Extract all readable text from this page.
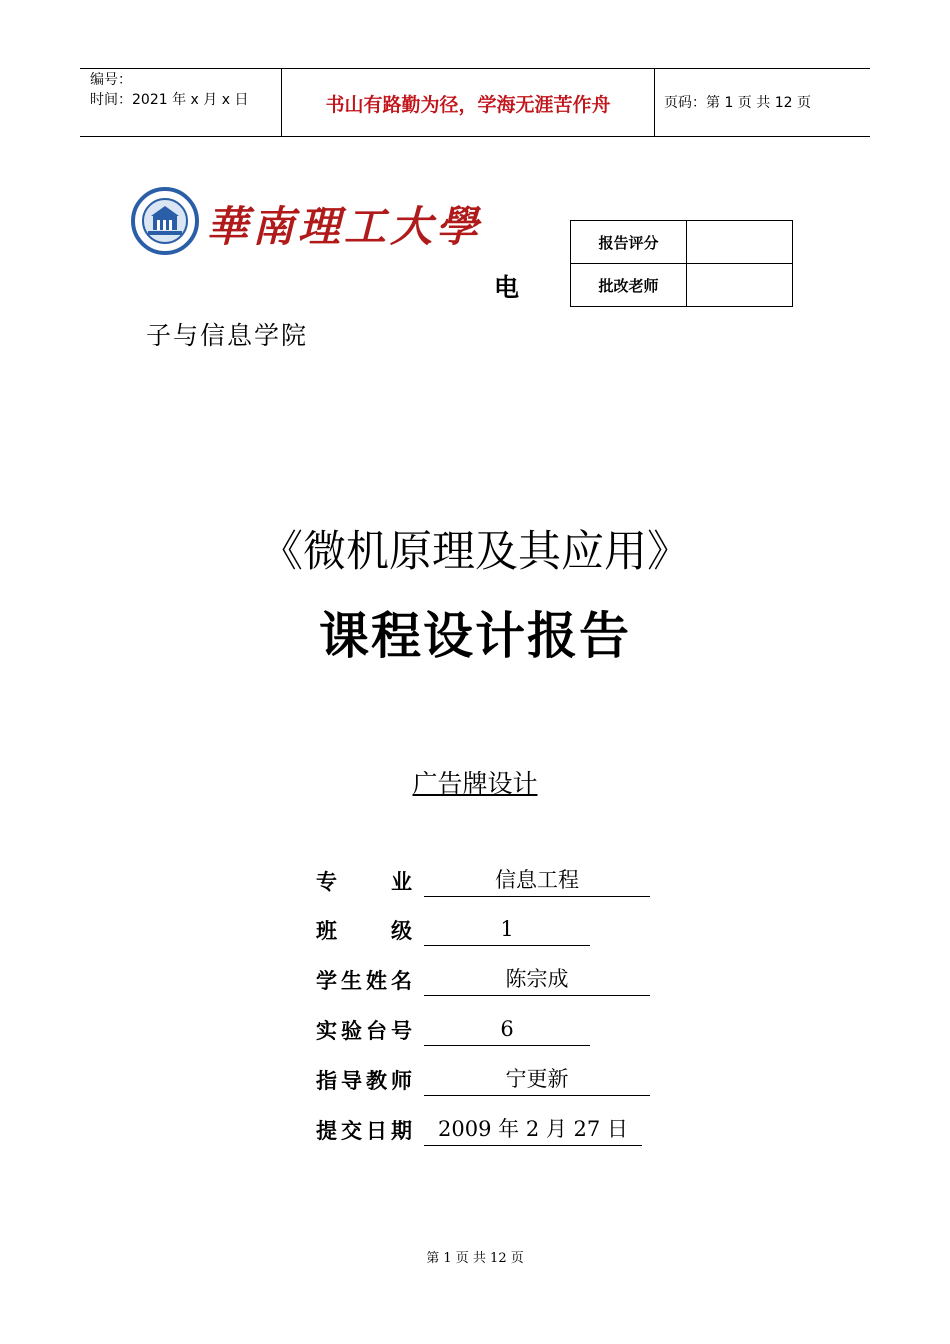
编号：
时间：2021 年 x 月 x 日	书山有路勤为径，学海无涯苦作舟	页码：第 1 页 共 12 页
華南理工大學
电
子与信息学院
报告评分	
批改老师	
《微机原理及其应用》
课程设计报告
广告牌设计
专业	信息工程
班级	1
学生姓名	陈宗成
实验台号	6
指导教师	宁更新
提交日期	2009 年 2 月 27 日
第 1 页 共 12 页
